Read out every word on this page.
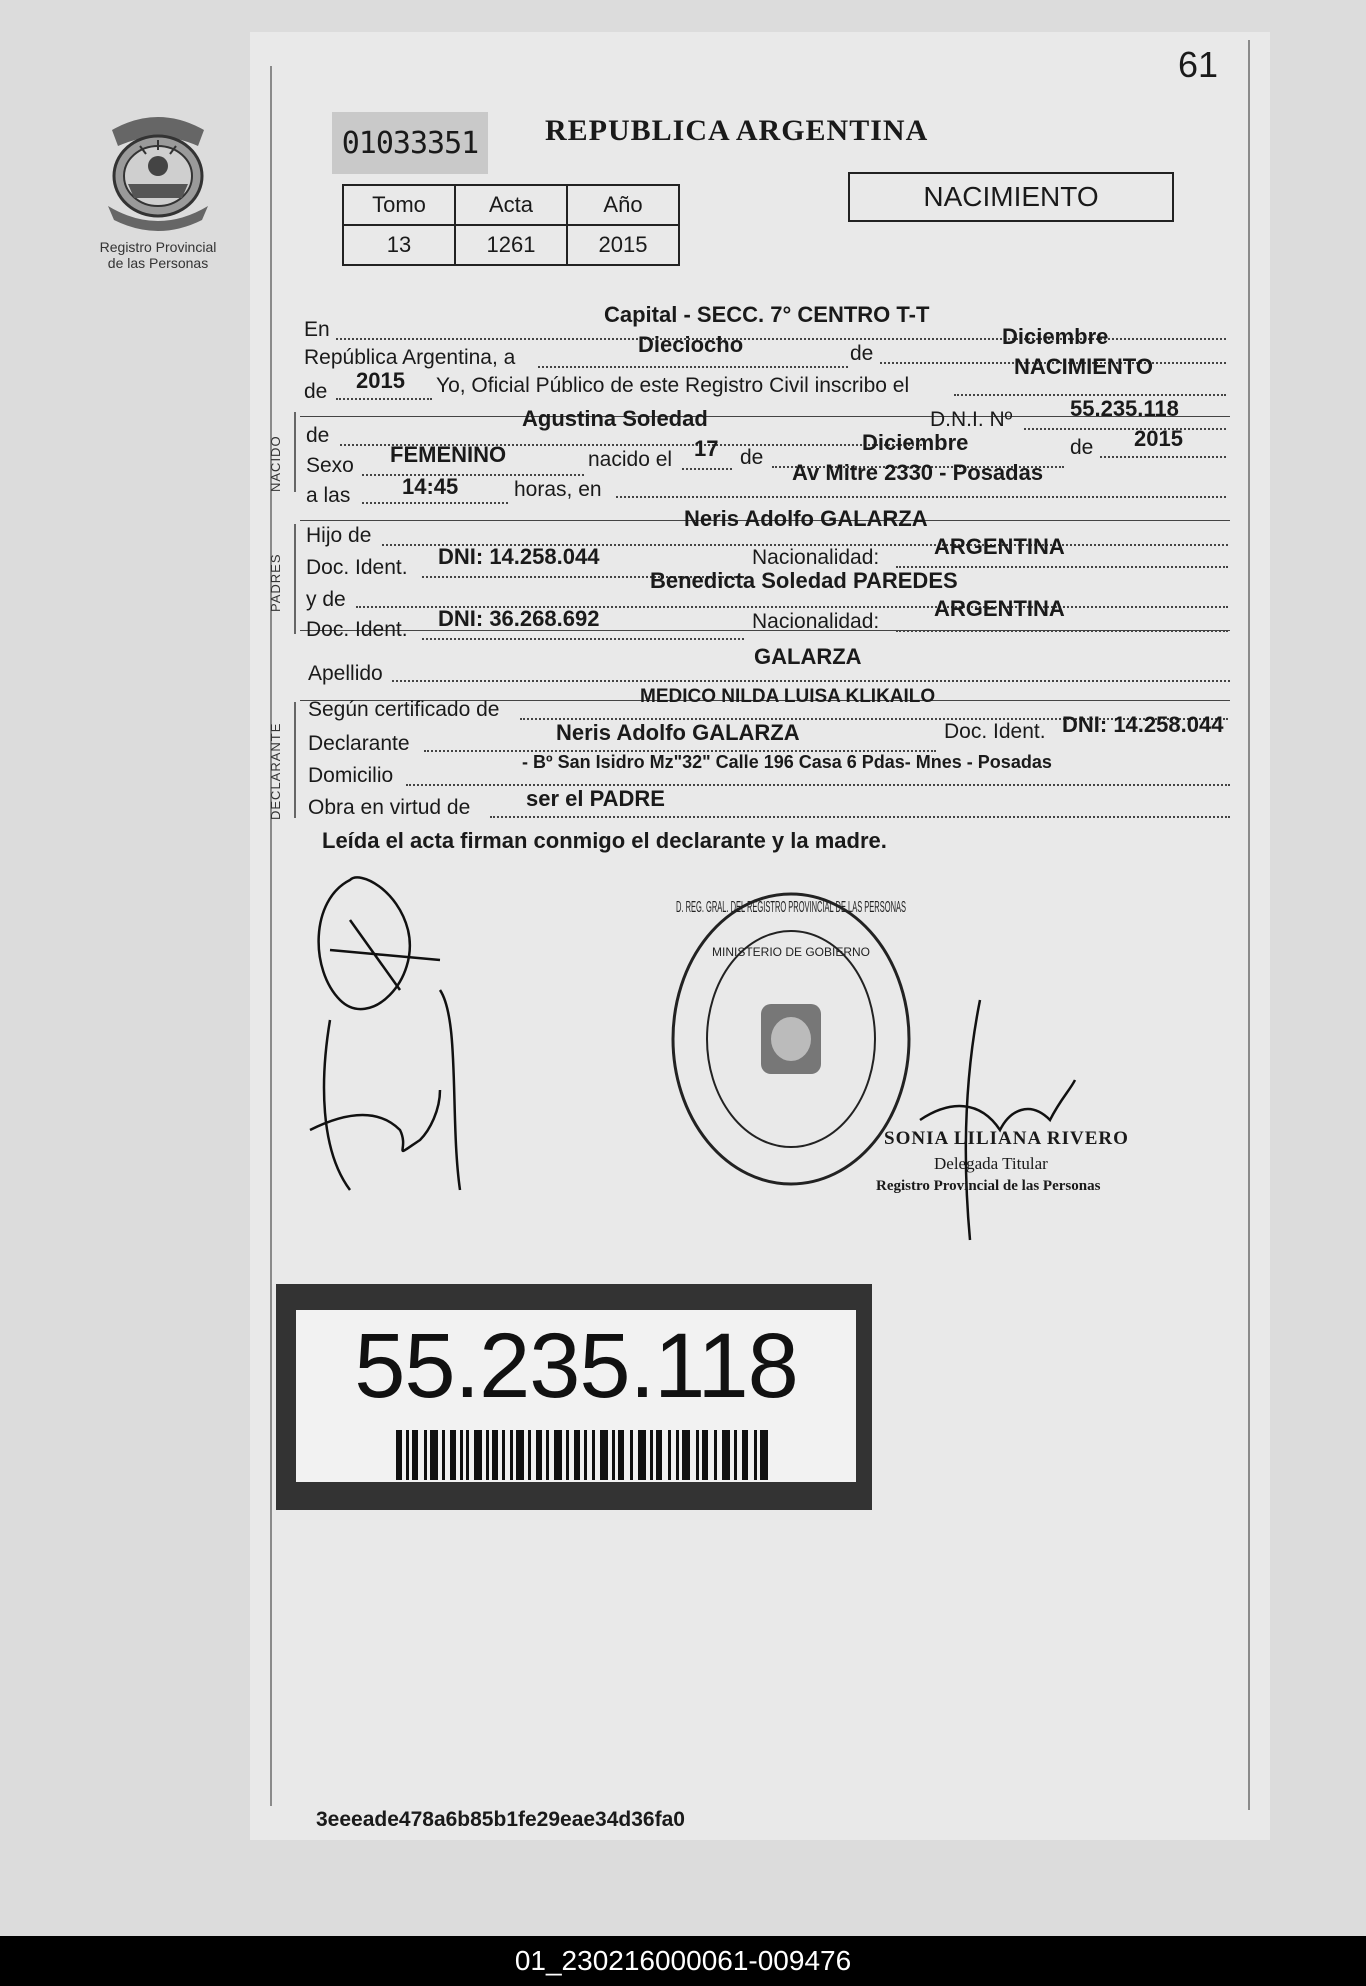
61
Registro Provincial
de las Personas
01033351	REPUBLICA ARGENTINA
Tomo	Acta	Año
13	1261	2015
NACIMIENTO
NACIDO
PADRES
DECLARANTE
En
Capital - SECC. 7° CENTRO T-T
República Argentina, a
Dieciocho	de
Diciembre
de 2015 Yo, Oficial Público de este Registro Civil inscribo el
NACIMIENTO
de
Agustina Soledad	D.N.I. Nº	55.235.118
Sexo FEMENINO	nacido el 17 de
Diciembre	de 2015
a las 14:45	horas, en
Av Mitre 2330 - Posadas
Hijo de
Neris Adolfo GALARZA
Doc. Ident. DNI: 14.258.044	Nacionalidad: ARGENTINA
y de
Benedicta Soledad PAREDES
Doc. Ident. DNI: 36.268.692	Nacionalidad:
ARGENTINA
Apellido
GALARZA
Según certificado de
MEDICO NILDA LUISA KLIKAILO
Declarante	Neris Adolfo GALARZA	Doc. Ident. DNI: 14.258.044
Domicilio
- Bº San Isidro Mz"32" Calle 196 Casa 6 Pdas- Mnes - Posadas
Obra en virtud de	ser el PADRE
Leída el acta firman conmigo el declarante y la madre.
D. REG. GRAL. DEL REGISTRO PROVINCIAL DE LAS PERSONAS
MINISTERIO DE GOBIERNO
SONIA LILIANA RIVERO
Delegada Titular
Registro Provincial de las Personas
55.235.118
3eeeade478a6b85b1fe29eae34d36fa0
01_230216000061-009476
